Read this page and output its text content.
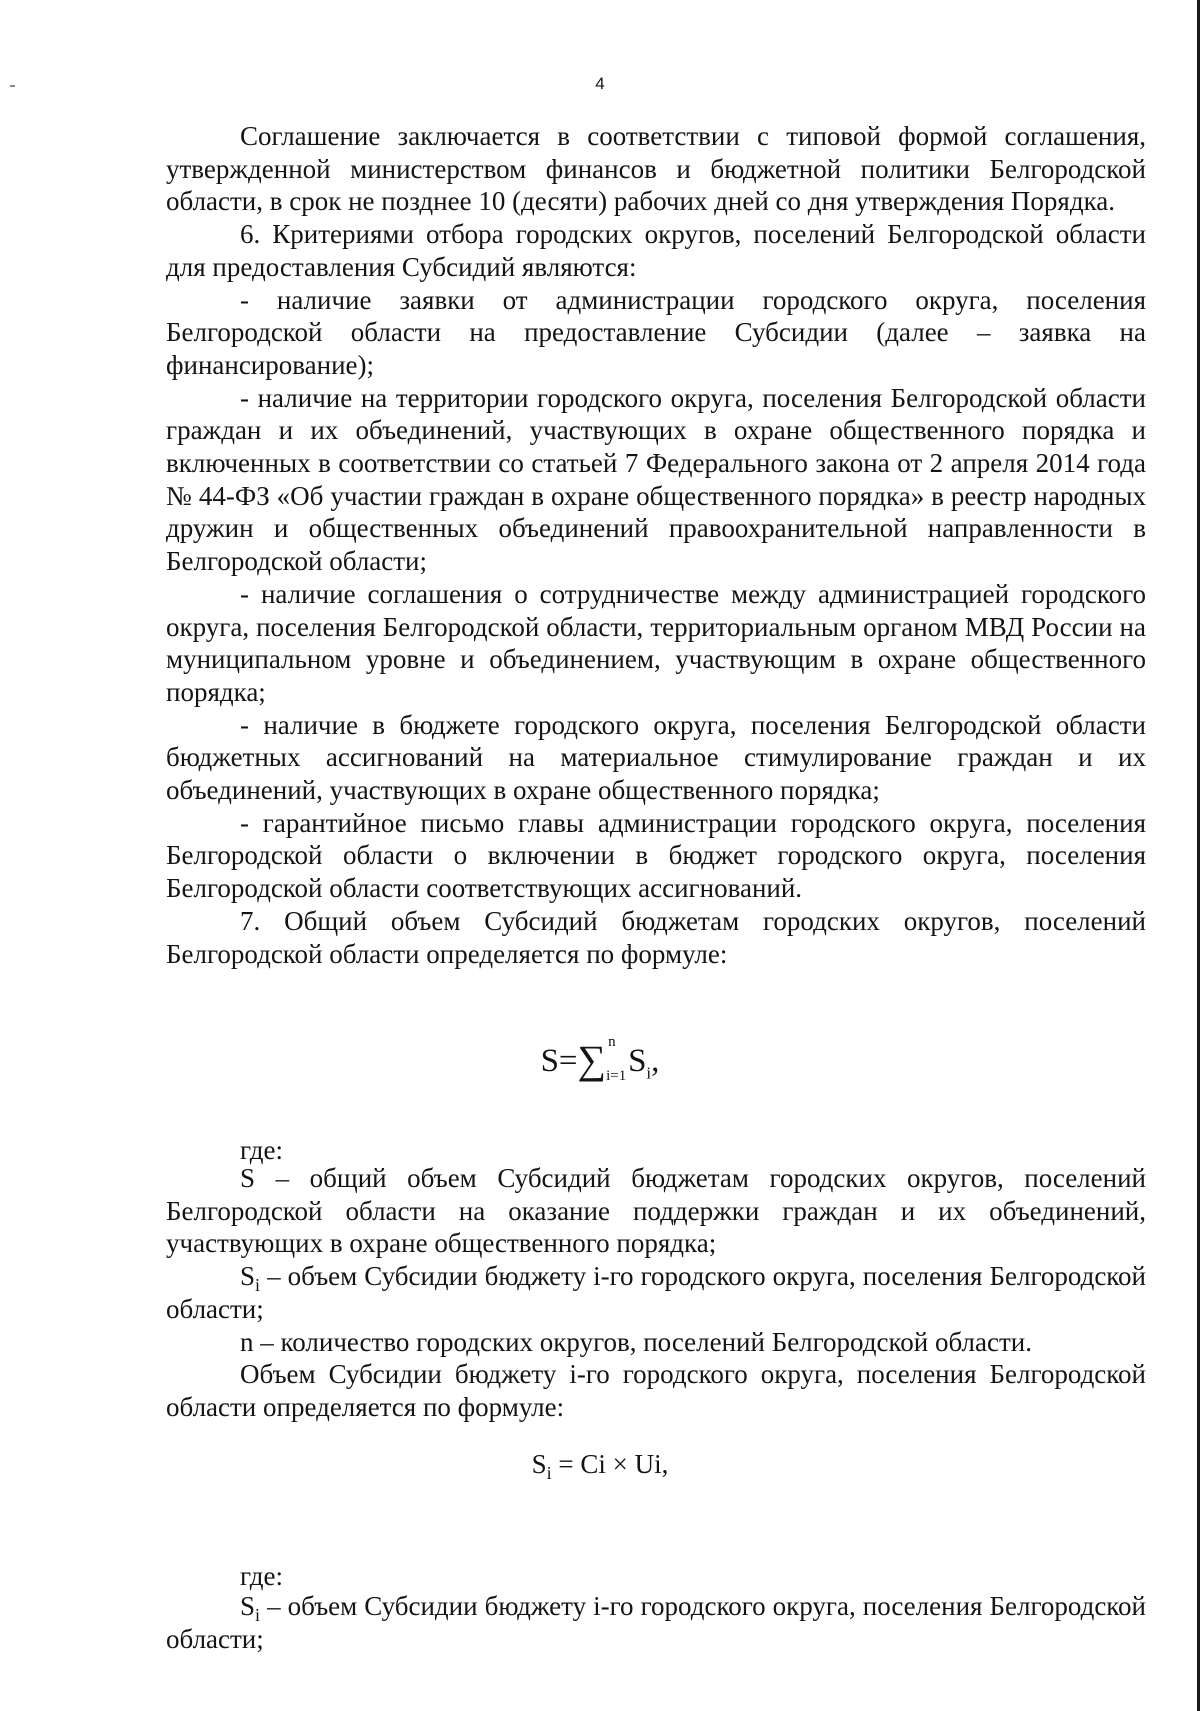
4

Соглашение заключается в соответствии с типовой формой соглашения, утвержденной министерством финансов и бюджетной политики Белгородской области, в срок не позднее 10 (десяти) рабочих дней со дня утверждения Порядка.

6. Критериями отбора городских округов, поселений Белгородской области для предоставления Субсидий являются:

- наличие заявки от администрации городского округа, поселения Белгородской области на предоставление Субсидии (далее – заявка на финансирование);

- наличие на территории городского округа, поселения Белгородской области граждан и их объединений, участвующих в охране общественного порядка и включенных в соответствии со статьей 7 Федерального закона от 2 апреля 2014 года № 44-ФЗ «Об участии граждан в охране общественного порядка» в реестр народных дружин и общественных объединений правоохранительной направленности в Белгородской области;

- наличие соглашения о сотрудничестве между администрацией городского округа, поселения Белгородской области, территориальным органом МВД России на муниципальном уровне и объединением, участвующим в охране общественного порядка;

- наличие в бюджете городского округа, поселения Белгородской области бюджетных ассигнований на материальное стимулирование граждан и их объединений, участвующих в охране общественного порядка;

- гарантийное письмо главы администрации городского округа, поселения Белгородской области о включении в бюджет городского округа, поселения Белгородской области соответствующих ассигнований.

7. Общий объем Субсидий бюджетам городских округов, поселений Белгородской области определяется по формуле:

S=∑ n
i=1 $S_i$,
где:

S – общий объем Субсидий бюджетам городских округов, поселений Белгородской области на оказание поддержки граждан и их объединений, участвующих в охране общественного порядка;

$S_i$ – объем Субсидии бюджету i-го городского округа, поселения Белгородской области;

n – количество городских округов, поселений Белгородской области.

Объем Субсидии бюджету i-го городского округа, поселения Белгородской области определяется по формуле:

$S_i = Ci \times Ui$,
где:

$S_i$ – объем Субсидии бюджету i-го городского округа, поселения Белгородской области;
